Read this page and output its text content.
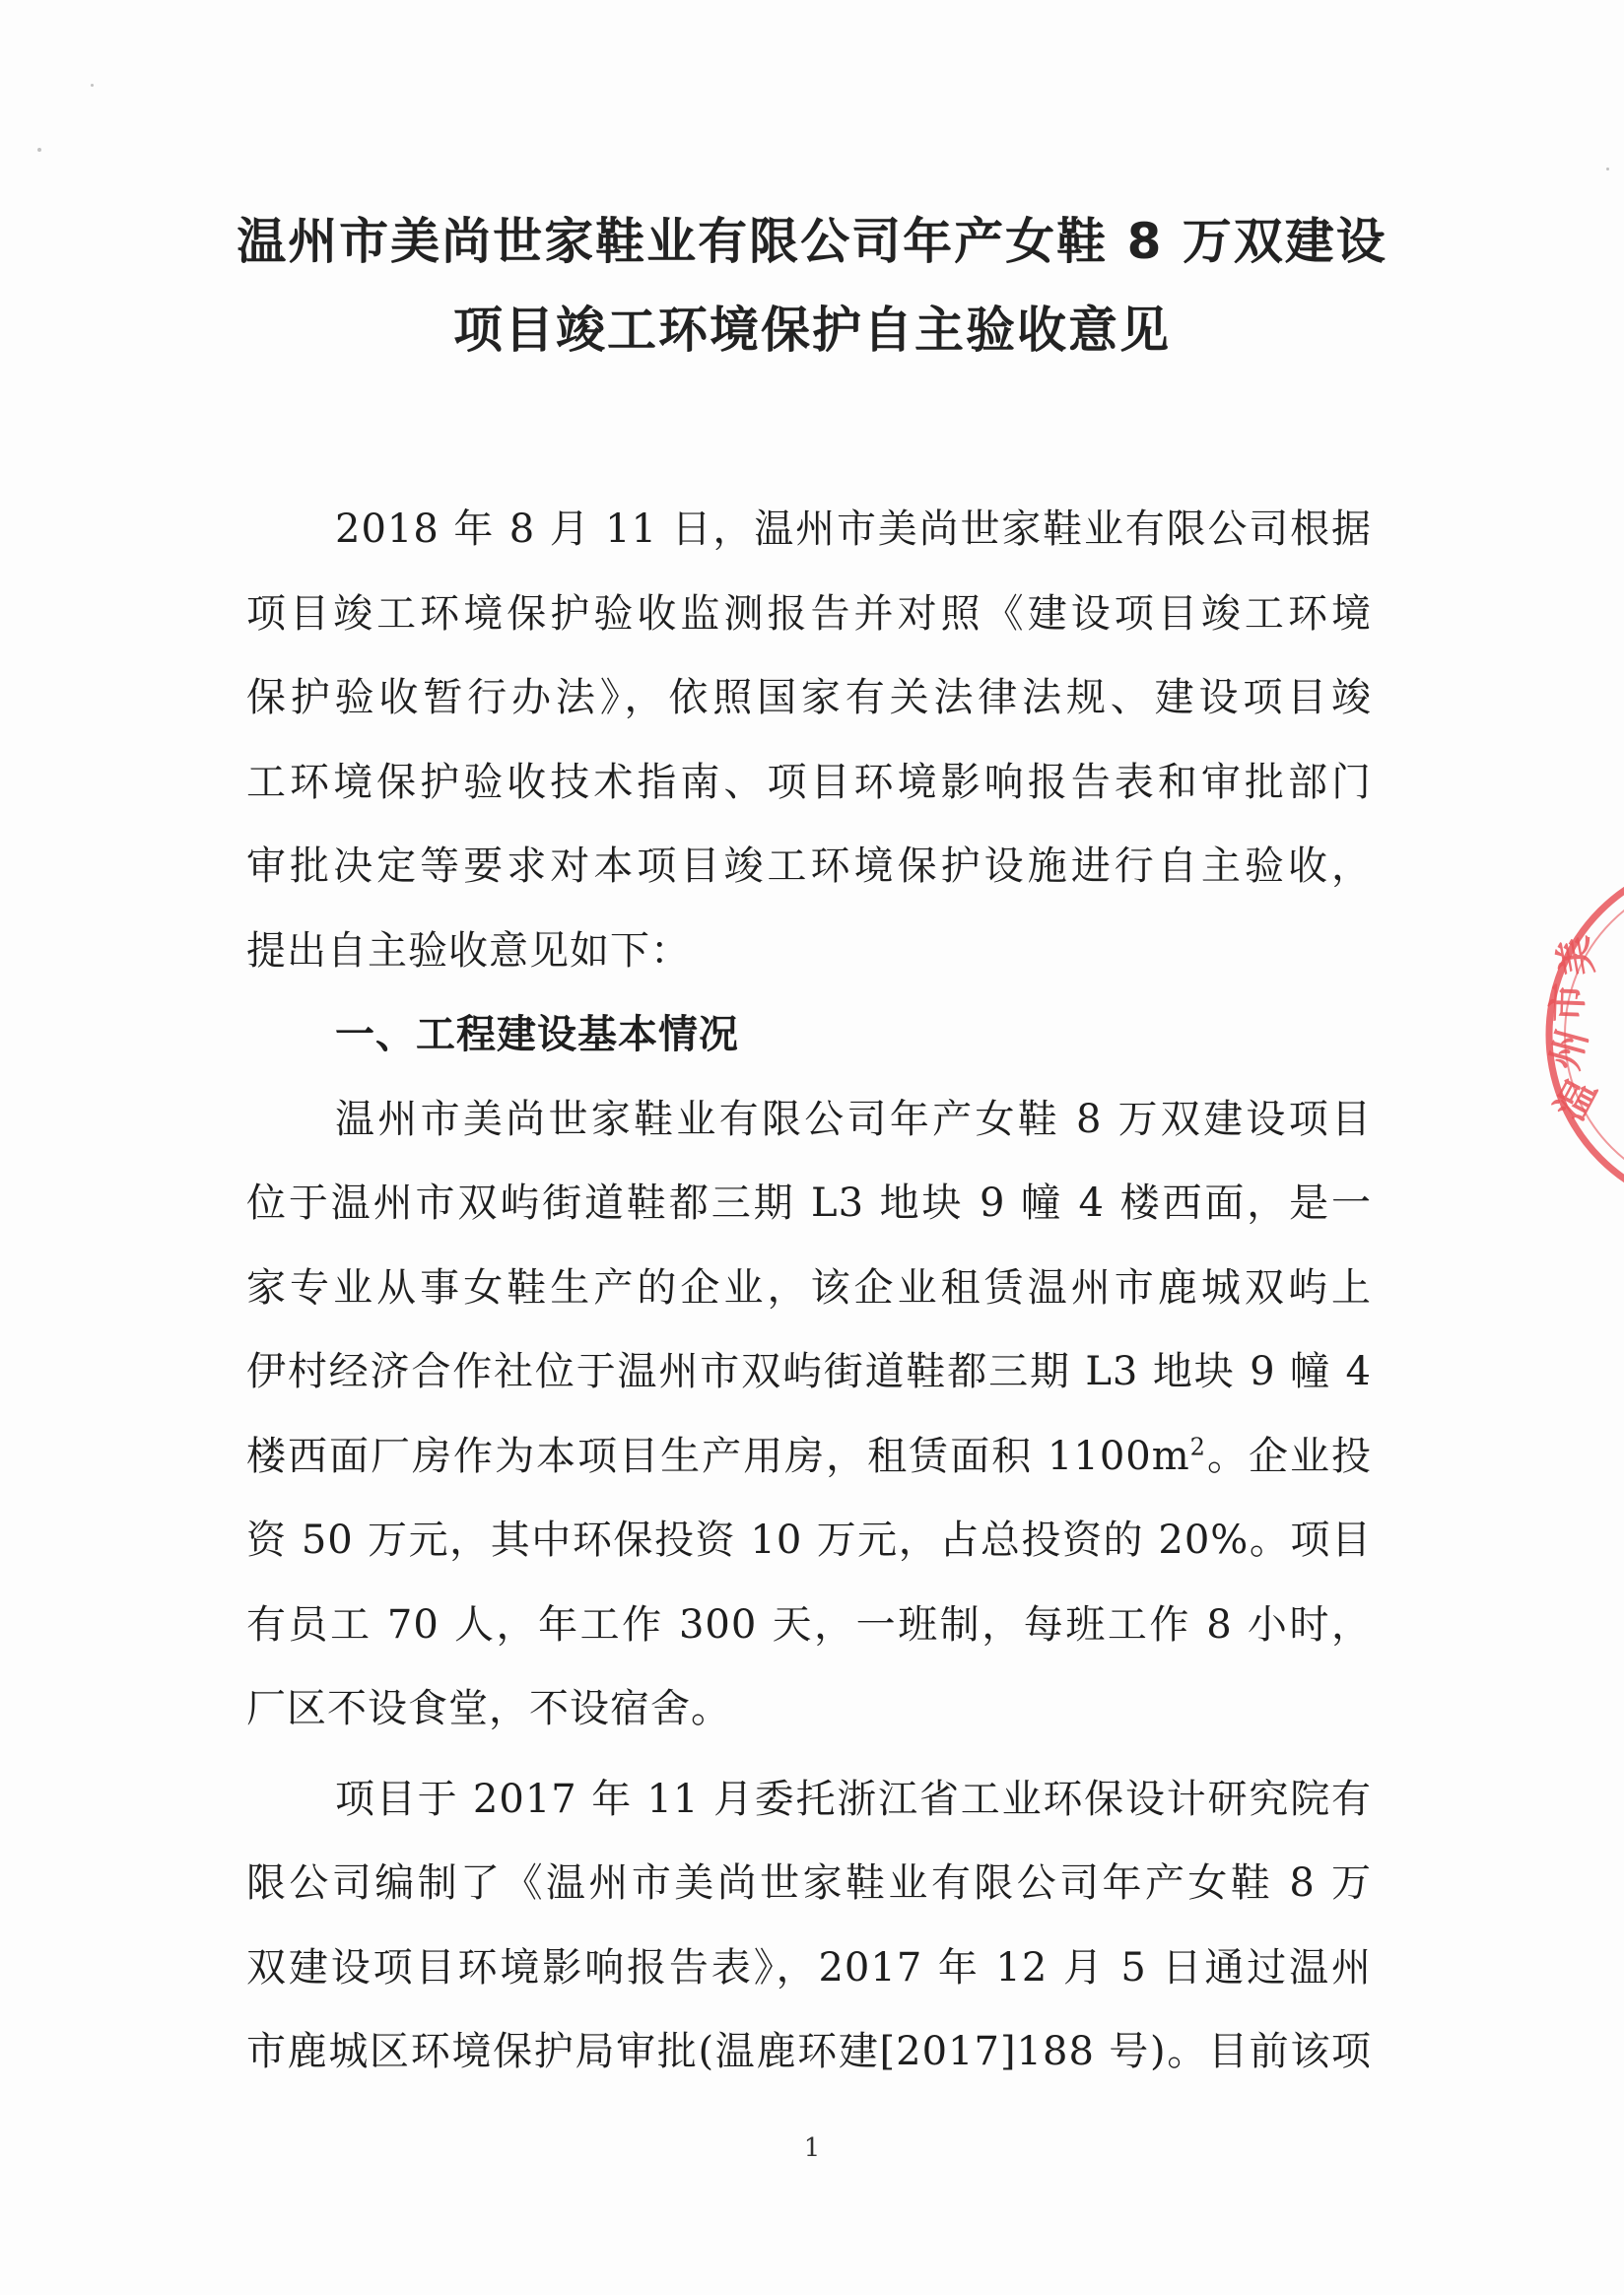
温州市美尚世家鞋业有限公司年产女鞋 8 万双建设
项目竣工环境保护自主验收意见
2018 年 8 月 11 日，温州市美尚世家鞋业有限公司根据
项目竣工环境保护验收监测报告并对照《建设项目竣工环境
保护验收暂行办法》，依照国家有关法律法规、建设项目竣
工环境保护验收技术指南、项目环境影响报告表和审批部门
审批决定等要求对本项目竣工环境保护设施进行自主验收，
提出自主验收意见如下：
一、工程建设基本情况
温州市美尚世家鞋业有限公司年产女鞋 8 万双建设项目
位于温州市双屿街道鞋都三期 L3 地块 9 幢 4 楼西面，是一
家专业从事女鞋生产的企业，该企业租赁温州市鹿城双屿上
伊村经济合作社位于温州市双屿街道鞋都三期 L3 地块 9 幢 4
楼西面厂房作为本项目生产用房，租赁面积 $1100m^2$。企业投
资 50 万元，其中环保投资 10 万元，占总投资的 20%。项目
有员工 70 人，年工作 300 天，一班制，每班工作 8 小时，
厂区不设食堂，不设宿舍。
项目于 2017 年 11 月委托浙江省工业环保设计研究院有
限公司编制了《温州市美尚世家鞋业有限公司年产女鞋 8 万
双建设项目环境影响报告表》，2017 年 12 月 5 日通过温州
市鹿城区环境保护局审批(温鹿环建[2017]188 号)。目前该项
1
温
州
市
美
